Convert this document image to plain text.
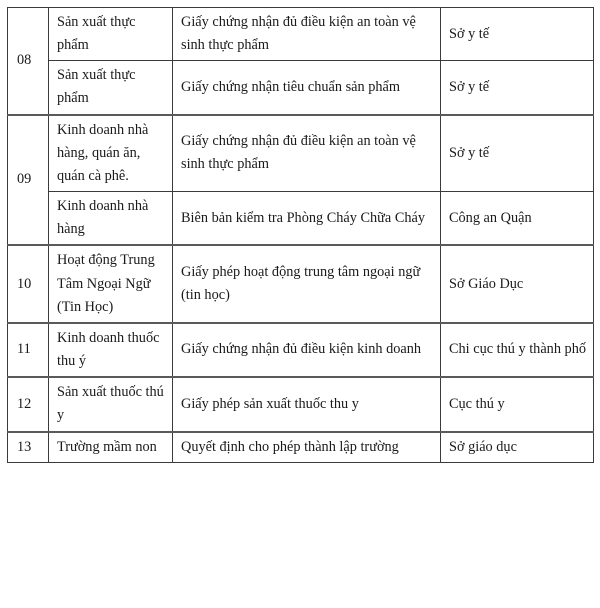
08	Sản xuất thực phẩm	Giấy chứng nhận đủ điều kiện an toàn vệ sinh thực phẩm	Sở y tế
	Sản xuất thực phẩm	Giấy chứng nhận tiêu chuẩn sản phẩm	Sở y tế
09	Kinh doanh nhà hàng, quán ăn, quán cà phê.	Giấy chứng nhận đủ điều kiện an toàn vệ sinh thực phẩm	Sở y tế
	Kinh doanh nhà hàng	Biên bản kiểm tra Phòng Cháy Chữa Cháy	Công an Quận
10	Hoạt động Trung Tâm Ngoại Ngữ (Tin Học)	Giấy phép hoạt động trung tâm ngoại ngữ (tin học)	Sở Giáo Dục
11	Kinh doanh thuốc thu ý	Giấy chứng nhận đủ điều kiện kinh doanh	Chi cục thú y thành phố
12	Sản xuất thuốc thú y	Giấy phép sản xuất thuốc thu y	Cục thú y
13	Trường mầm non	Quyết định cho phép thành lập trường	Sở giáo dục
